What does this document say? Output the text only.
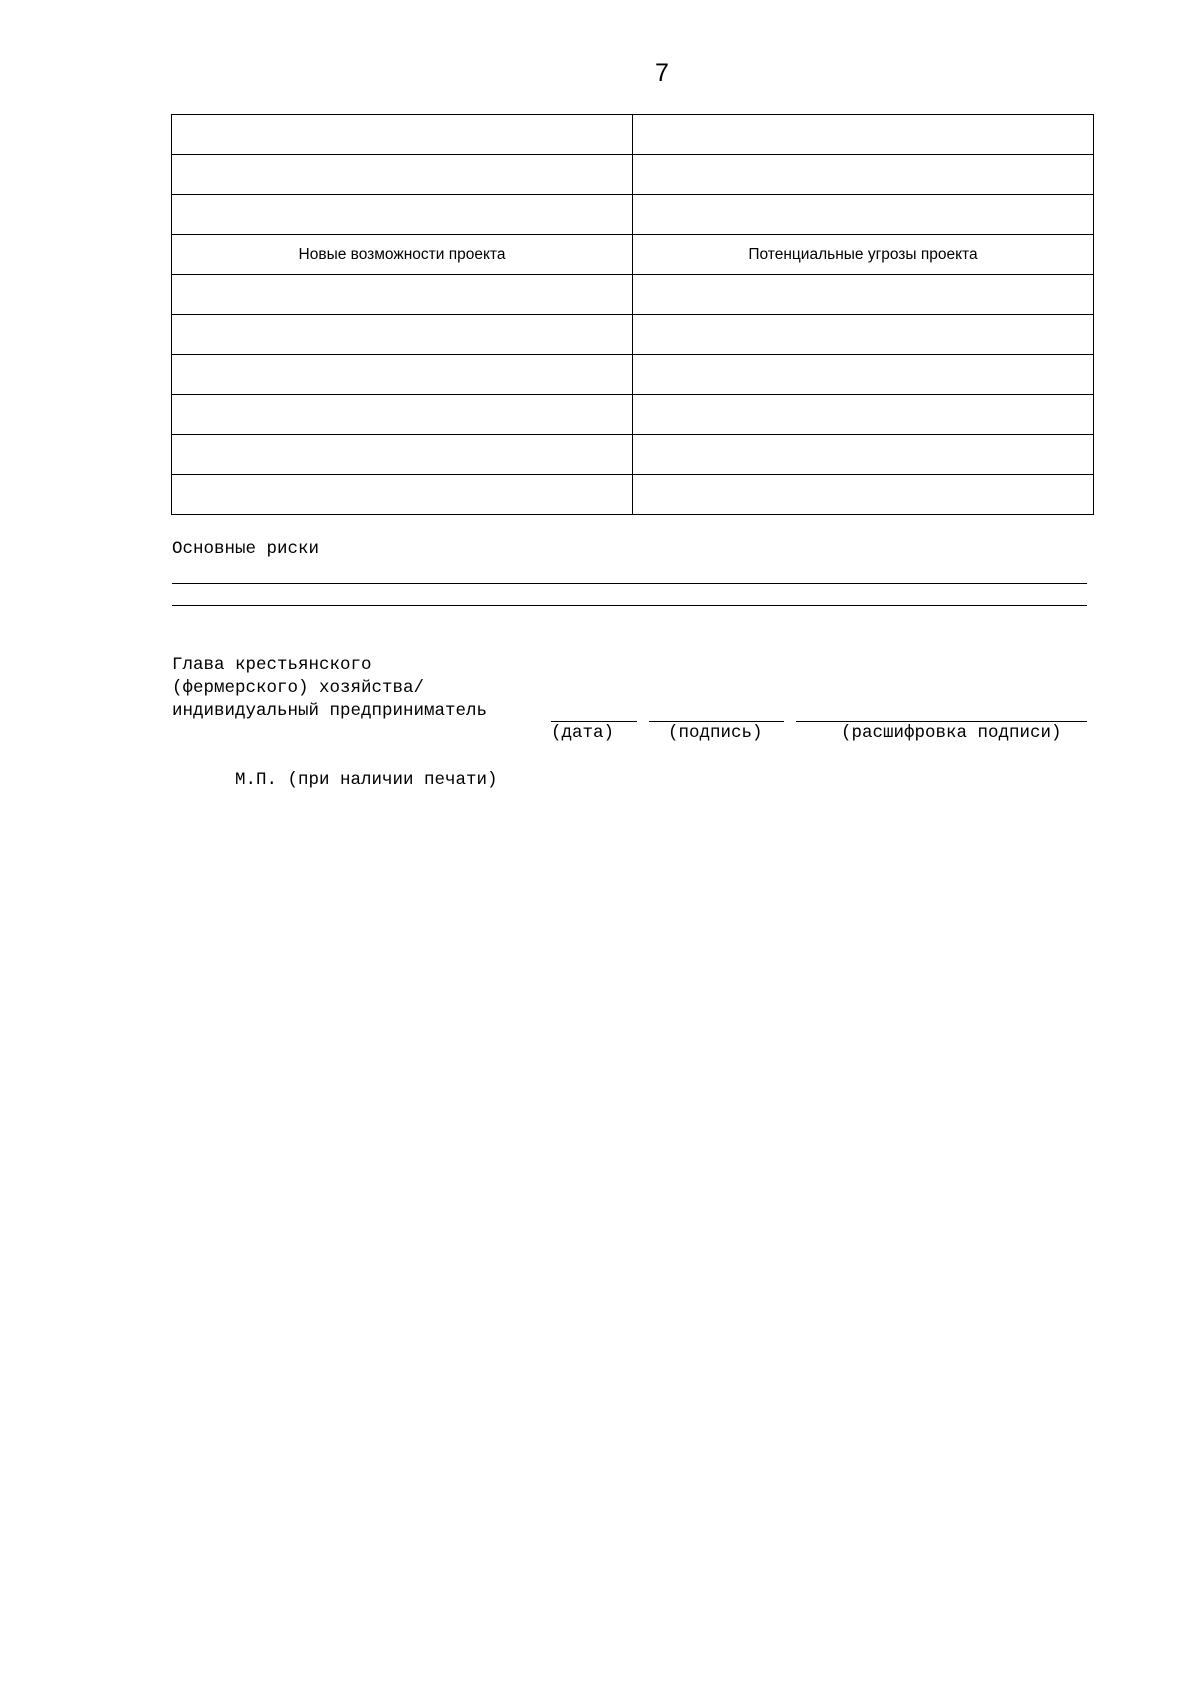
7

Новые возможности проекта	Потенциальные угрозы проекта

Основные риски
Глава крестьянского
(фермерского) хозяйства/
индивидуальный предприниматель
(дата)	(подпись)	(расшифровка подписи)
М.П. (при наличии печати)
